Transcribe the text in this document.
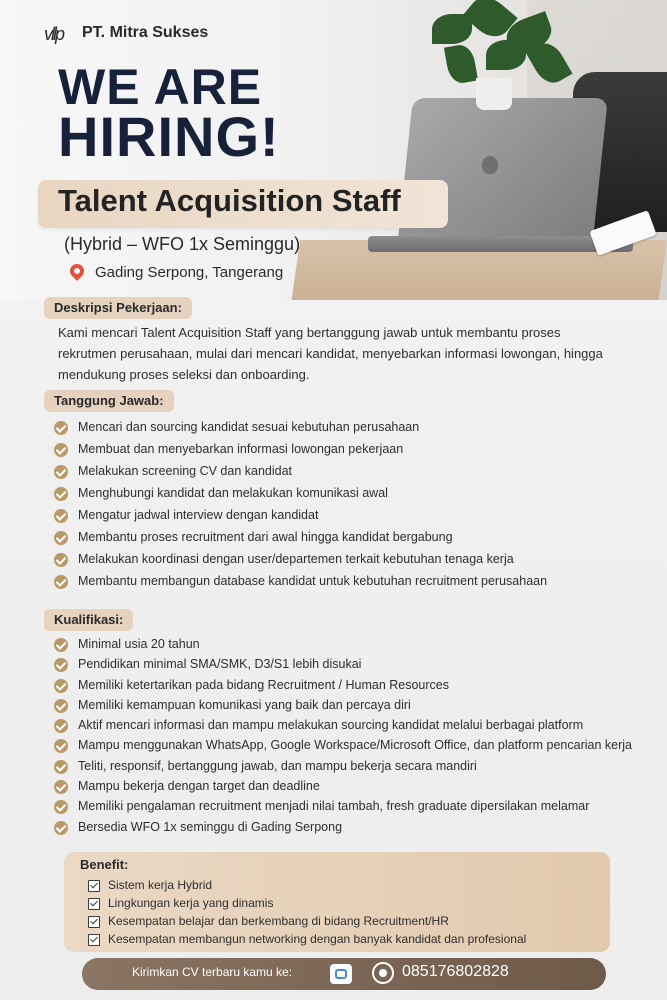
vllp PT. Mitra Sukses
WE ARE
HIRING!
Talent Acquisition Staff
(Hybrid – WFO 1x Seminggu)
Gading Serpong, Tangerang
Deskripsi Pekerjaan:
Kami mencari Talent Acquisition Staff yang bertanggung jawab untuk membantu proses rekrutmen perusahaan, mulai dari mencari kandidat, menyebarkan informasi lowongan, hingga mendukung proses seleksi dan onboarding.
Tanggung Jawab:
Mencari dan sourcing kandidat sesuai kebutuhan perusahaan
Membuat dan menyebarkan informasi lowongan pekerjaan
Melakukan screening CV dan kandidat
Menghubungi kandidat dan melakukan komunikasi awal
Mengatur jadwal interview dengan kandidat
Membantu proses recruitment dari awal hingga kandidat bergabung
Melakukan koordinasi dengan user/departemen terkait kebutuhan tenaga kerja
Membantu membangun database kandidat untuk kebutuhan recruitment perusahaan
Kualifikasi:
Minimal usia 20 tahun
Pendidikan minimal SMA/SMK, D3/S1 lebih disukai
Memiliki ketertarikan pada bidang Recruitment / Human Resources
Memiliki kemampuan komunikasi yang baik dan percaya diri
Aktif mencari informasi dan mampu melakukan sourcing kandidat melalui berbagai platform
Mampu menggunakan WhatsApp, Google Workspace/Microsoft Office, dan platform pencarian kerja
Teliti, responsif, bertanggung jawab, dan mampu bekerja secara mandiri
Mampu bekerja dengan target dan deadline
Memiliki pengalaman recruitment menjadi nilai tambah, fresh graduate dipersilakan melamar
Bersedia WFO 1x seminggu di Gading Serpong
Benefit:
Sistem kerja Hybrid
Lingkungan kerja yang dinamis
Kesempatan belajar dan berkembang di bidang Recruitment/HR
Kesempatan membangun networking dengan banyak kandidat dan profesional
Kirimkan CV terbaru kamu ke:	085176802828
